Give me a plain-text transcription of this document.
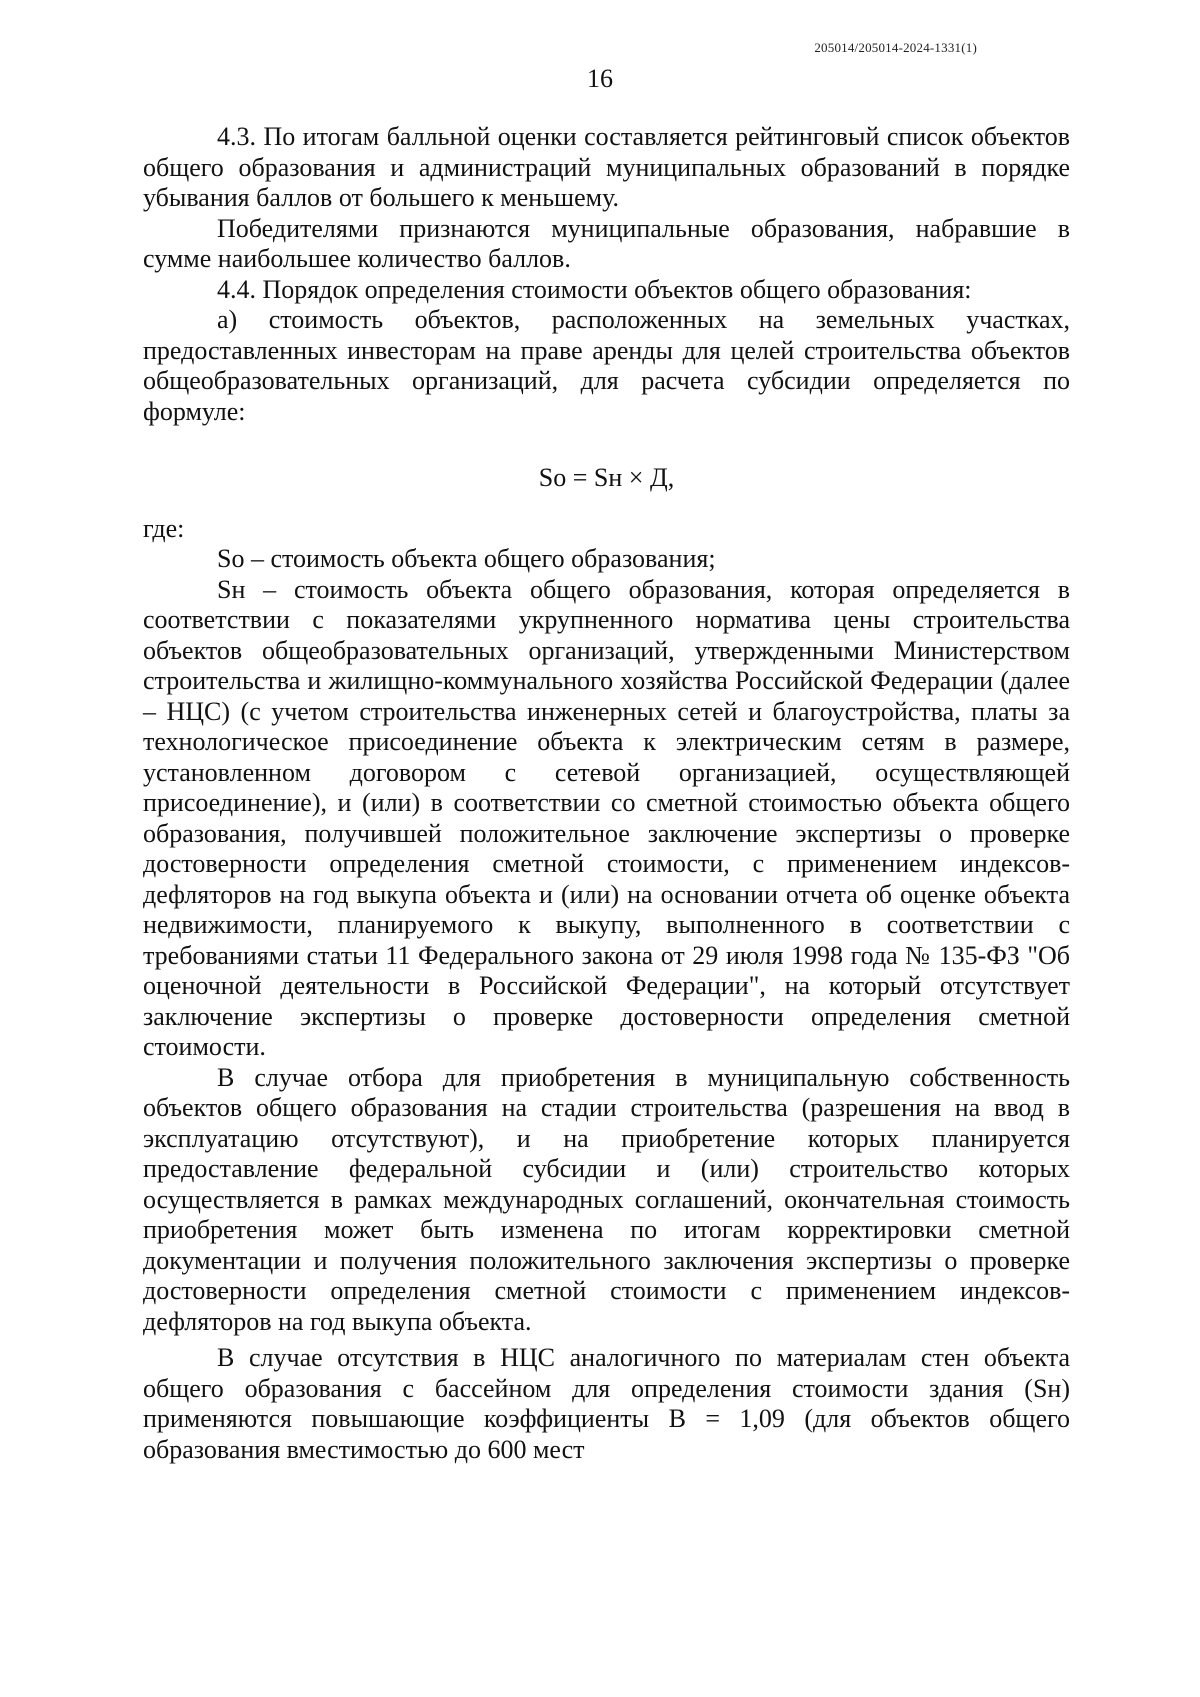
205014/205014-2024-1331(1)
16

4.3. По итогам балльной оценки составляется рейтинговый список объектов общего образования и администраций муниципальных образований в порядке убывания баллов от большего к меньшему.

Победителями признаются муниципальные образования, набравшие в сумме наибольшее количество баллов.

4.4. Порядок определения стоимости объектов общего образования:

а) стоимость объектов, расположенных на земельных участках, предоставленных инвесторам на праве аренды для целей строительства объектов общеобразовательных организаций, для расчета субсидии определяется по формуле:

So = Sн × Д,

где:

So – стоимость объекта общего образования;

Sн – стоимость объекта общего образования, которая определяется в соответствии с показателями укрупненного норматива цены строительства объектов общеобразовательных организаций, утвержденными Министерством строительства и жилищно-коммунального хозяйства Российской Федерации (далее – НЦС) (с учетом строительства инженерных сетей и благоустройства, платы за технологическое присоединение объекта к электрическим сетям в размере, установленном договором с сетевой организацией, осуществляющей присоединение), и (или) в соответствии со сметной стоимостью объекта общего образования, получившей положительное заключение экспертизы о проверке достоверности определения сметной стоимости, с применением индексов-дефляторов на год выкупа объекта и (или) на основании отчета об оценке объекта недвижимости, планируемого к выкупу, выполненного в соответствии с требованиями статьи 11 Федерального закона от 29 июля 1998 года № 135-ФЗ "Об оценочной деятельности в Российской Федерации", на который отсутствует заключение экспертизы о проверке достоверности определения сметной стоимости.

В случае отбора для приобретения в муниципальную собственность объектов общего образования на стадии строительства (разрешения на ввод в эксплуатацию отсутствуют), и на приобретение которых планируется предоставление федеральной субсидии и (или) строительство которых осуществляется в рамках международных соглашений, окончательная стоимость приобретения может быть изменена по итогам корректировки сметной документации и получения положительного заключения экспертизы о проверке достоверности определения сметной стоимости с применением индексов-дефляторов на год выкупа объекта.

В случае отсутствия в НЦС аналогичного по материалам стен объекта общего образования с бассейном для определения стоимости здания (Sн) применяются повышающие коэффициенты В = 1,09 (для объектов общего образования вместимостью до 600 мест
